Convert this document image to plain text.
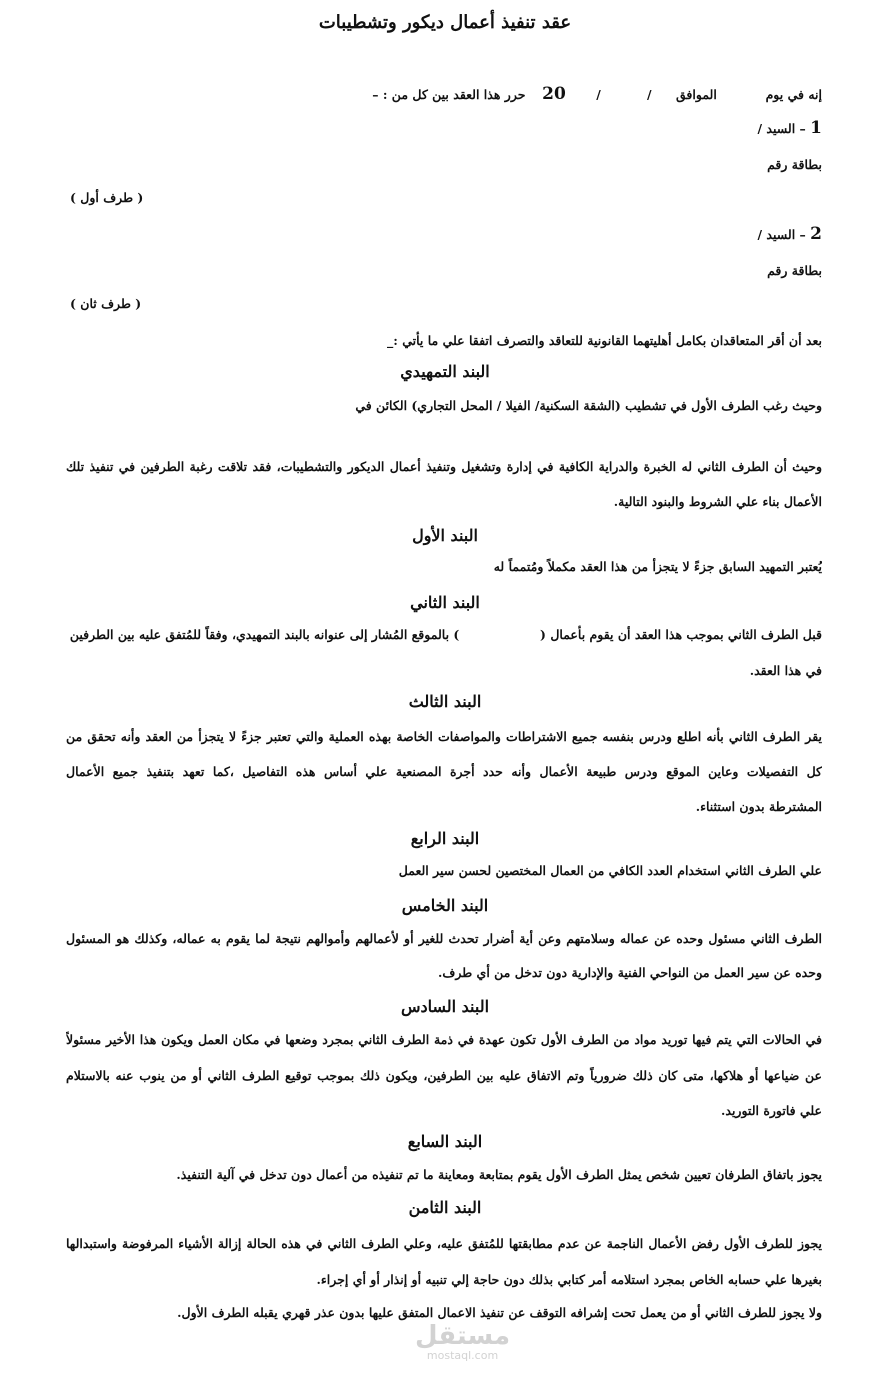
عقد تنفيذ أعمال ديكور وتشطيبات
إنه في يوم  الموافق  /  /  20  حرر هذا العقد بين كل من : –
1 – السيد /
بطاقة رقم
( طرف أول )
2 – السيد /
بطاقة رقم
( طرف ثان )
بعد أن أقر المتعاقدان بكامل أهليتهما القانونية للتعاقد والتصرف اتفقا علي ما يأتي :_
البند التمهيدي
وحيث رغب الطرف الأول في تشطيب (الشقة السكنية/ الفيلا / المحل التجاري) الكائن في
وحيث أن الطرف الثاني له الخبرة والدراية الكافية في إدارة وتشغيل وتنفيذ أعمال الديكور والتشطيبات، فقد تلاقت رغبة الطرفين في تنفيذ تلك
الأعمال بناء علي الشروط والبنود التالية.
البند الأول
يُعتبر التمهيد السابق جزءً لا يتجزأ من هذا العقد مكملاً ومُتمماً له
البند الثاني
قبل الطرف الثاني بموجب هذا العقد أن يقوم بأعمال (  ) بالموقع المُشار إلى عنوانه بالبند التمهيدي، وفقاً للمُتفق عليه بين الطرفين
في هذا العقد.
البند الثالث
يقر الطرف الثاني بأنه اطلع ودرس بنفسه جميع الاشتراطات والمواصفات الخاصة بهذه العملية والتي تعتبر جزءً لا يتجزأ من العقد وأنه تحقق من
كل التفصيلات وعاين الموقع ودرس طبيعة الأعمال وأنه حدد أجرة المصنعية علي أساس هذه التفاصيل ،كما تعهد بتنفيذ جميع الأعمال
المشترطة بدون استثناء.
البند الرابع
علي الطرف الثاني استخدام العدد الكافي من العمال المختصين لحسن سير العمل
البند الخامس
الطرف الثاني مسئول وحده عن عماله وسلامتهم وعن أية أضرار تحدث للغير أو لأعمالهم وأموالهم نتيجة لما يقوم به عماله، وكذلك هو المسئول
وحده عن سير العمل من النواحي الفنية والإدارية دون تدخل من أي طرف.
البند السادس
في الحالات التي يتم فيها توريد مواد من الطرف الأول تكون عهدة في ذمة الطرف الثاني بمجرد وضعها في مكان العمل ويكون هذا الأخير مسئولاً
عن ضياعها أو هلاكها، متى كان ذلك ضرورياً وتم الاتفاق عليه بين الطرفين، ويكون ذلك بموجب توقيع الطرف الثاني أو من ينوب عنه بالاستلام
علي فاتورة التوريد.
البند السابع
يجوز باتفاق الطرفان تعيين شخص يمثل الطرف الأول يقوم بمتابعة ومعاينة ما تم تنفيذه من أعمال دون تدخل في آلية التنفيذ.
البند الثامن
يجوز للطرف الأول رفض الأعمال الناجمة عن عدم مطابقتها للمُتفق عليه، وعلي الطرف الثاني في هذه الحالة إزالة الأشياء المرفوضة واستبدالها
بغيرها علي حسابه الخاص بمجرد استلامه أمر كتابي بذلك دون حاجة إلي تنبيه أو إنذار أو أي إجراء.
ولا يجوز للطرف الثاني أو من يعمل تحت إشرافه التوقف عن تنفيذ الاعمال المتفق عليها بدون عذر قهري يقبله الطرف الأول.
مستقل
mostaql.com
